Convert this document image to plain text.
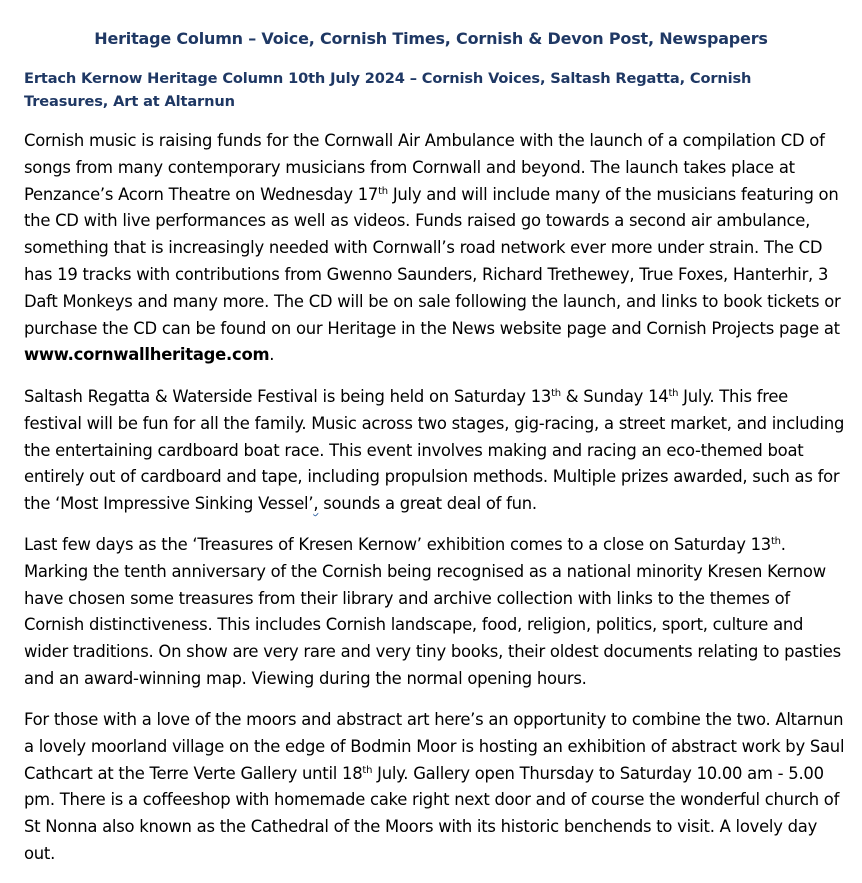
Heritage Column – Voice, Cornish Times, Cornish & Devon Post, Newspapers
Ertach Kernow Heritage Column 10th July 2024 – Cornish Voices, Saltash Regatta, Cornish Treasures, Art at Altarnun

Cornish music is raising funds for the Cornwall Air Ambulance with the launch of a compilation CD of songs from many contemporary musicians from Cornwall and beyond. The launch takes place at Penzance’s Acorn Theatre on Wednesday 17th July and will include many of the musicians featuring on the CD with live performances as well as videos. Funds raised go towards a second air ambulance, something that is increasingly needed with Cornwall’s road network ever more under strain. The CD has 19 tracks with contributions from Gwenno Saunders, Richard Trethewey, True Foxes, Hanterhir, 3 Daft Monkeys and many more. The CD will be on sale following the launch, and links to book tickets or purchase the CD can be found on our Heritage in the News website page and Cornish Projects page at www.cornwallheritage.com.

Saltash Regatta & Waterside Festival is being held on Saturday 13th & Sunday 14th July. This free festival will be fun for all the family. Music across two stages, gig-racing, a street market, and including the entertaining cardboard boat race. This event involves making and racing an eco-themed boat entirely out of cardboard and tape, including propulsion methods. Multiple prizes awarded, such as for the ‘Most Impressive Sinking Vessel’, sounds a great deal of fun.

Last few days as the ‘Treasures of Kresen Kernow’ exhibition comes to a close on Saturday 13th. Marking the tenth anniversary of the Cornish being recognised as a national minority Kresen Kernow have chosen some treasures from their library and archive collection with links to the themes of Cornish distinctiveness. This includes Cornish landscape, food, religion, politics, sport, culture and wider traditions. On show are very rare and very tiny books, their oldest documents relating to pasties and an award-winning map. Viewing during the normal opening hours.

For those with a love of the moors and abstract art here’s an opportunity to combine the two. Altarnun a lovely moorland village on the edge of Bodmin Moor is hosting an exhibition of abstract work by Saul Cathcart at the Terre Verte Gallery until 18th July. Gallery open Thursday to Saturday 10.00 am - 5.00 pm. There is a coffeeshop with homemade cake right next door and of course the wonderful church of St Nonna also known as the Cathedral of the Moors with its historic benchends to visit. A lovely day out.
